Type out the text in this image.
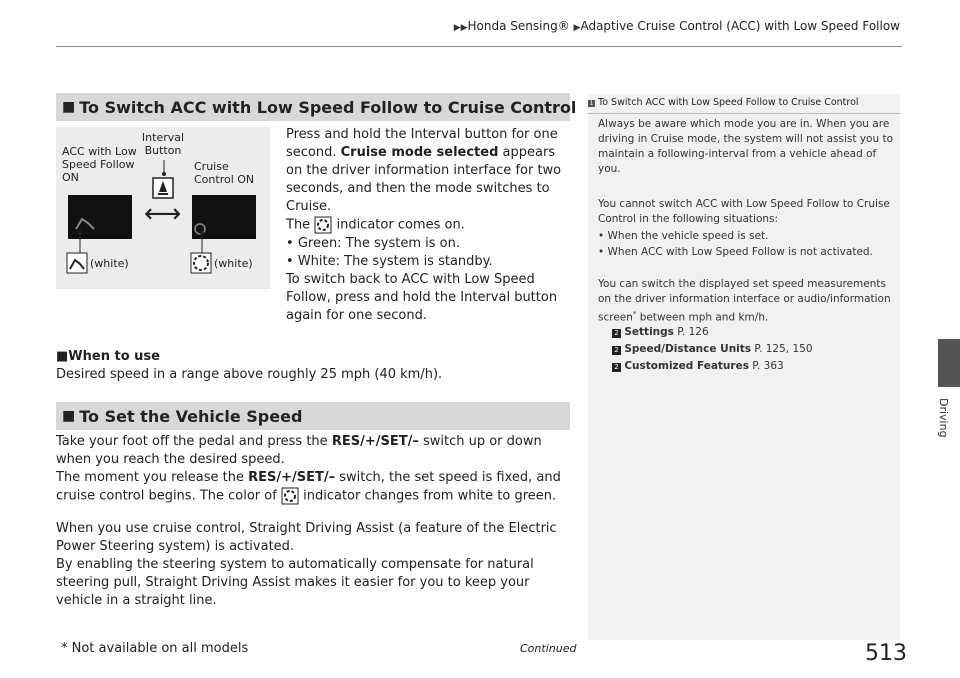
▶▶Honda Sensing® ▶Adaptive Cruise Control (ACC) with Low Speed Follow
Driving
■ To Switch ACC with Low Speed Follow to Cruise Control
ACC with Low Speed Follow ON
Interval Button
Cruise Control ON
⟷
(white)	(white)
Press and hold the Interval button for one second. Cruise mode selected appears on the driver information interface for two seconds, and then the mode switches to Cruise.
The indicator comes on.
• Green: The system is on.
• White: The system is standby.
To switch back to ACC with Low Speed Follow, press and hold the Interval button again for one second.
■When to use
Desired speed in a range above roughly 25 mph (40 km/h).
■ To Set the Vehicle Speed
Take your foot off the pedal and press the RES/+/SET/– switch up or down when you reach the desired speed.
The moment you release the RES/+/SET/– switch, the set speed is fixed, and cruise control begins. The color of indicator changes from white to green.
When you use cruise control, Straight Driving Assist (a feature of the Electric Power Steering system) is activated.
By enabling the steering system to automatically compensate for natural steering pull, Straight Driving Assist makes it easier for you to keep your vehicle in a straight line.
1 To Switch ACC with Low Speed Follow to Cruise Control
Always be aware which mode you are in. When you are driving in Cruise mode, the system will not assist you to maintain a following-interval from a vehicle ahead of you.
You cannot switch ACC with Low Speed Follow to Cruise Control in the following situations:
• When the vehicle speed is set.
• When ACC with Low Speed Follow is not activated.
You can switch the displayed set speed measurements on the driver information interface or audio/information screen* between mph and km/h.
2 Settings P. 126
2 Speed/Distance Units P. 125, 150
2 Customized Features P. 363
* Not available on all models	Continued	513
